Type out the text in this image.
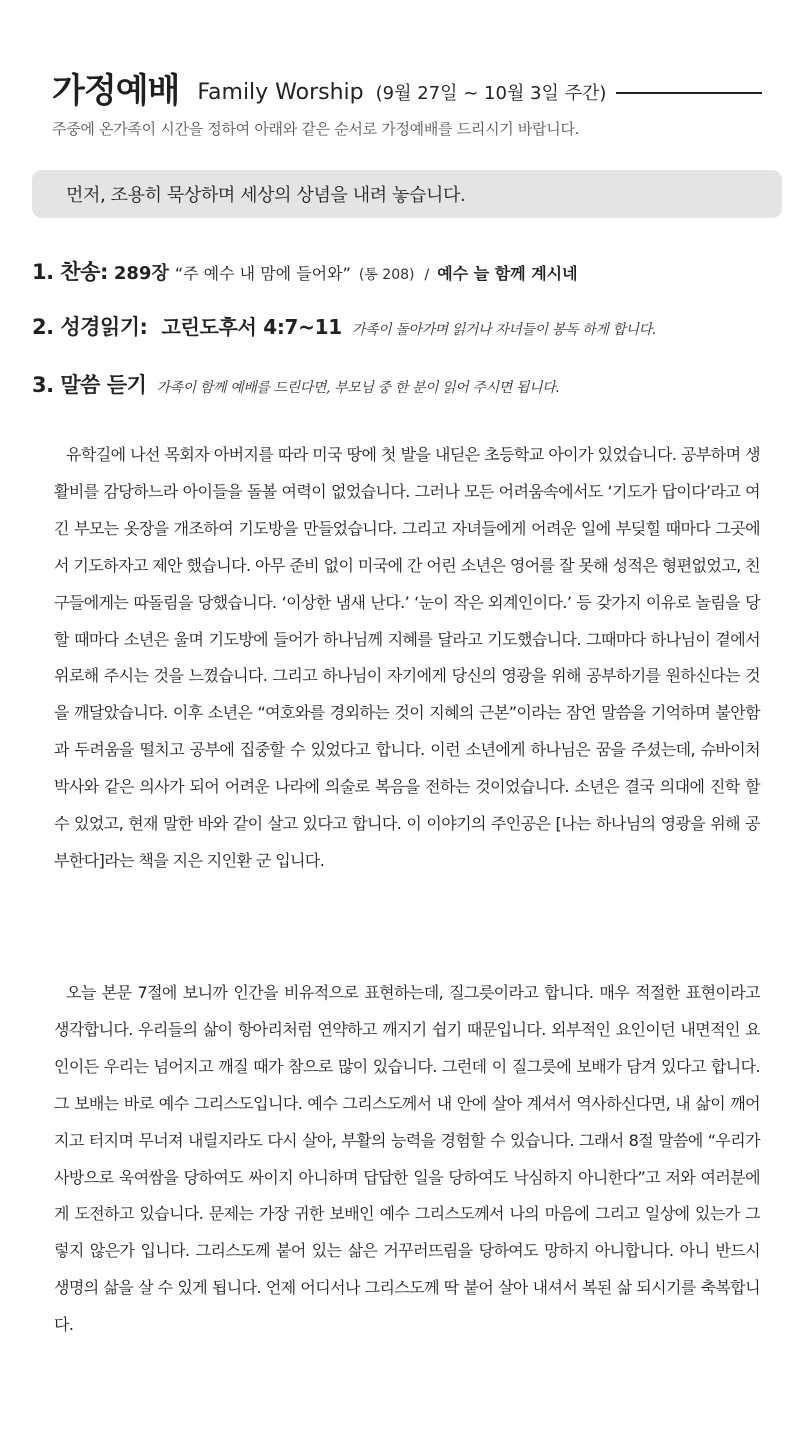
가정예배 Family Worship (9월 27일 ~ 10월 3일 주간)
주중에 온가족이 시간을 정하여 아래와 같은 순서로 가정예배를 드리시기 바랍니다.
먼저, 조용히 묵상하며 세상의 상념을 내려 놓습니다.
1. 찬송: 289장 “주 예수 내 맘에 들어와” (통 208) / 예수 늘 함께 계시네
2. 성경읽기: 고린도후서 4:7~11 가족이 돌아가며 읽거나 자녀들이 봉독 하게 합니다.
3. 말씀 듣기 가족이 함께 예배를 드린다면, 부모님 중 한 분이 읽어 주시면 됩니다.

유학길에 나선 목회자 아버지를 따라 미국 땅에 첫 발을 내딛은 초등학교 아이가 있었습니다. 공부하며 생활비를 감당하느라 아이들을 돌볼 여력이 없었습니다. 그러나 모든 어려움속에서도 ‘기도가 답이다’라고 여긴 부모는 옷장을 개조하여 기도방을 만들었습니다. 그리고 자녀들에게 어려운 일에 부딪힐 때마다 그곳에서 기도하자고 제안 했습니다. 아무 준비 없이 미국에 간 어린 소년은 영어를 잘 못해 성적은 형편없었고, 친구들에게는 따돌림을 당했습니다. ‘이상한 냄새 난다.’ ‘눈이 작은 외계인이다.’ 등 갖가지 이유로 놀림을 당할 때마다 소년은 울며 기도방에 들어가 하나님께 지혜를 달라고 기도했습니다. 그때마다 하나님이 곁에서 위로해 주시는 것을 느꼈습니다. 그리고 하나님이 자기에게 당신의 영광을 위해 공부하기를 원하신다는 것을 깨달았습니다. 이후 소년은 “여호와를 경외하는 것이 지혜의 근본”이라는 잠언 말씀을 기억하며 불안함과 두려움을 떨치고 공부에 집중할 수 있었다고 합니다. 이런 소년에게 하나님은 꿈을 주셨는데, 슈바이처 박사와 같은 의사가 되어 어려운 나라에 의술로 복음을 전하는 것이었습니다. 소년은 결국 의대에 진학 할 수 있었고, 현재 말한 바와 같이 살고 있다고 합니다. 이 이야기의 주인공은 [나는 하나님의 영광을 위해 공부한다]라는 책을 지은 지인환 군 입니다.

오늘 본문 7절에 보니까 인간을 비유적으로 표현하는데, 질그릇이라고 합니다. 매우 적절한 표현이라고 생각합니다. 우리들의 삶이 항아리처럼 연약하고 깨지기 쉽기 때문입니다. 외부적인 요인이던 내면적인 요인이든 우리는 넘어지고 깨질 때가 참으로 많이 있습니다. 그런데 이 질그릇에 보배가 담겨 있다고 합니다. 그 보배는 바로 예수 그리스도입니다. 예수 그리스도께서 내 안에 살아 계셔서 역사하신다면, 내 삶이 깨어지고 터지며 무너져 내릴지라도 다시 살아, 부활의 능력을 경험할 수 있습니다. 그래서 8절 말씀에 “우리가 사방으로 욱여쌈을 당하여도 싸이지 아니하며 답답한 일을 당하여도 낙심하지 아니한다”고 저와 여러분에게 도전하고 있습니다. 문제는 가장 귀한 보배인 예수 그리스도께서 나의 마음에 그리고 일상에 있는가 그렇지 않은가 입니다. 그리스도께 붙어 있는 삶은 거꾸러뜨림을 당하여도 망하지 아니합니다. 아니 반드시 생명의 삶을 살 수 있게 됩니다. 언제 어디서나 그리스도께 딱 붙어 살아 내셔서 복된 삶 되시기를 축복합니다.
